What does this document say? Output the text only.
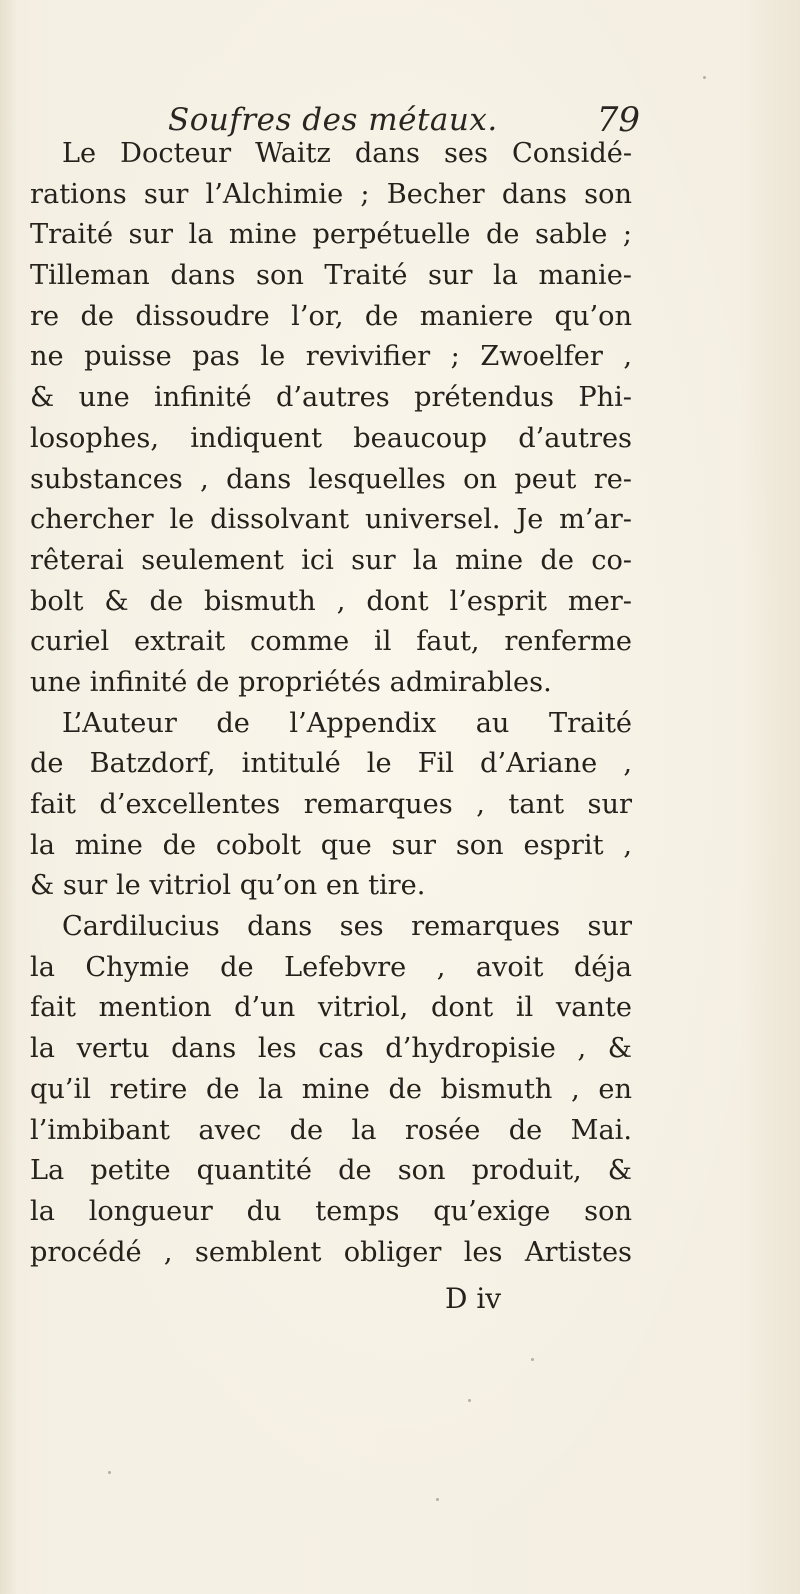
Soufres des métaux.	79
Le Docteur Waitz dans ses Considé-
rations sur l’Alchimie ; Becher dans son
Traité sur la mine perpétuelle de sable ;
Tilleman dans son Traité sur la manie-
re de dissoudre l’or, de maniere qu’on
ne puisse pas le revivifier ; Zwoelfer ,
& une infinité d’autres prétendus Phi-
losophes, indiquent beaucoup d’autres
substances , dans lesquelles on peut re-
chercher le dissolvant universel. Je m’ar-
rêterai seulement ici sur la mine de co-
bolt & de bismuth , dont l’esprit mer-
curiel extrait comme il faut, renferme
une infinité de propriétés admirables.
L’Auteur de l’Appendix au Traité
de Batzdorf, intitulé le Fil d’Ariane ,
fait d’excellentes remarques , tant sur
la mine de cobolt que sur son esprit ,
& sur le vitriol qu’on en tire.
Cardilucius dans ses remarques sur
la Chymie de Lefebvre , avoit déja
fait mention d’un vitriol, dont il vante
la vertu dans les cas d’hydropisie , &
qu’il retire de la mine de bismuth , en
l’imbibant avec de la rosée de Mai.
La petite quantité de son produit, &
la longueur du temps qu’exige son
procédé , semblent obliger les Artistes
D iv
